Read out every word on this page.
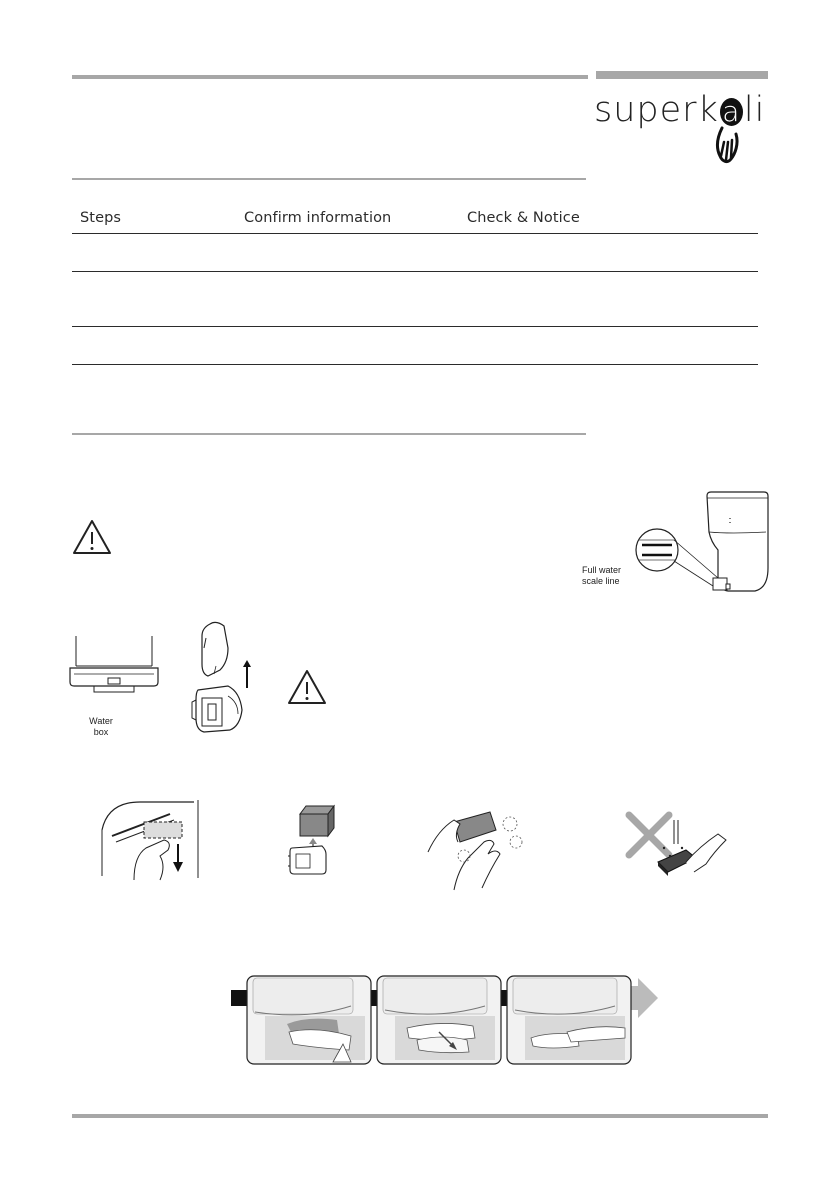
superk ali
Steps	Confirm information	Check & Notice
Full water
scale line
Water
box
